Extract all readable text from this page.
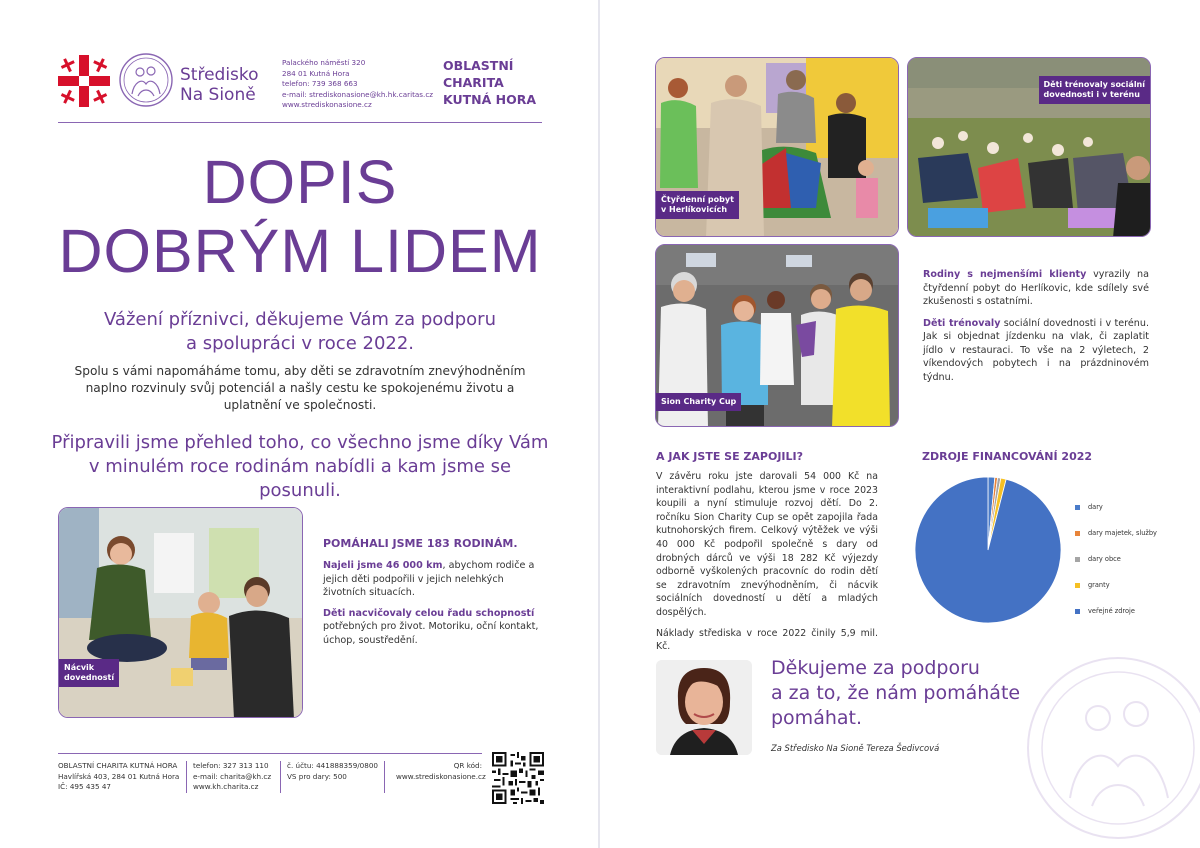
Středisko
Na Sioně
Palackého náměstí 320
284 01 Kutná Hora
telefon: 739 368 663
e-mail: strediskonasione@kh.hk.caritas.cz
www.strediskonasione.cz
OBLASTNÍ
CHARITA
KUTNÁ HORA
DOPIS
DOBRÝM LIDEM
Vážení příznivci, děkujeme Vám za podporu
a spolupráci v roce 2022.
Spolu s vámi napomáháme tomu, aby děti se zdravotním znevýhodněním naplno rozvinuly svůj potenciál a našly cestu ke spokojenému životu a uplatnění ve společnosti.
Připravili jsme přehled toho, co všechno jsme díky Vám
v minulém roce rodinám nabídli a kam jsme se posunuli.
Nácvik
dovedností
POMÁHALI JSME 183 RODINÁM.

Najeli jsme 46 000 km, abychom rodiče a jejich děti podpořili v jejich nelehkých životních situacích.

Děti nacvičovaly celou řadu schopností potřebných pro život. Motoriku, oční kontakt, úchop, soustředění.

OBLASTNÍ CHARITA KUTNÁ HORA
Havlířská 403, 284 01 Kutná Hora
IČ: 495 435 47
telefon: 327 313 110
e-mail: charita@kh.cz
www.kh.charita.cz
č. účtu: 441888359/0800
VS pro dary: 500
QR kód:
www.strediskonasione.cz
Čtyřdenní pobyt
v Herlíkovicích
Děti trénovaly sociální
dovednosti i v terénu
Sion Charity Cup

Rodiny s nejmenšími klienty vyrazily na čtyřdenní pobyt do Herlíkovic, kde sdílely své zkušenosti s ostatními.

Děti trénovaly sociální dovednosti i v terénu. Jak si objednat jízdenku na vlak, či zaplatit jídlo v restauraci. To vše na 2 výletech, 2 víkendových pobytech i na prázdninovém týdnu.

A JAK JSTE SE ZAPOJILI?

V závěru roku jste darovali 54 000 Kč na interaktivní podlahu, kterou jsme v roce 2023 koupili a nyní stimuluje rozvoj dětí. Do 2. ročníku Sion Charity Cup se opět zapojila řada kutnohorských firem. Celkový výtěžek ve výši 40 000 Kč podpořil společně s dary od drobných dárců ve výši 18 282 Kč výjezdy odborně vyškolených pracovníc do rodin dětí se zdravotním znevýhodněním, či nácvik sociálních dovedností u dětí a mladých dospělých.

Náklady střediska v roce 2022 činily 5,9 mil. Kč.

ZDROJE FINANCOVÁNÍ 2022
dary
dary majetek, služby
dary obce
granty
veřejné zdroje
Děkujeme za podporu
a za to, že nám pomáháte
pomáhat.
Za Středisko Na Sioně Tereza Šedivcová
